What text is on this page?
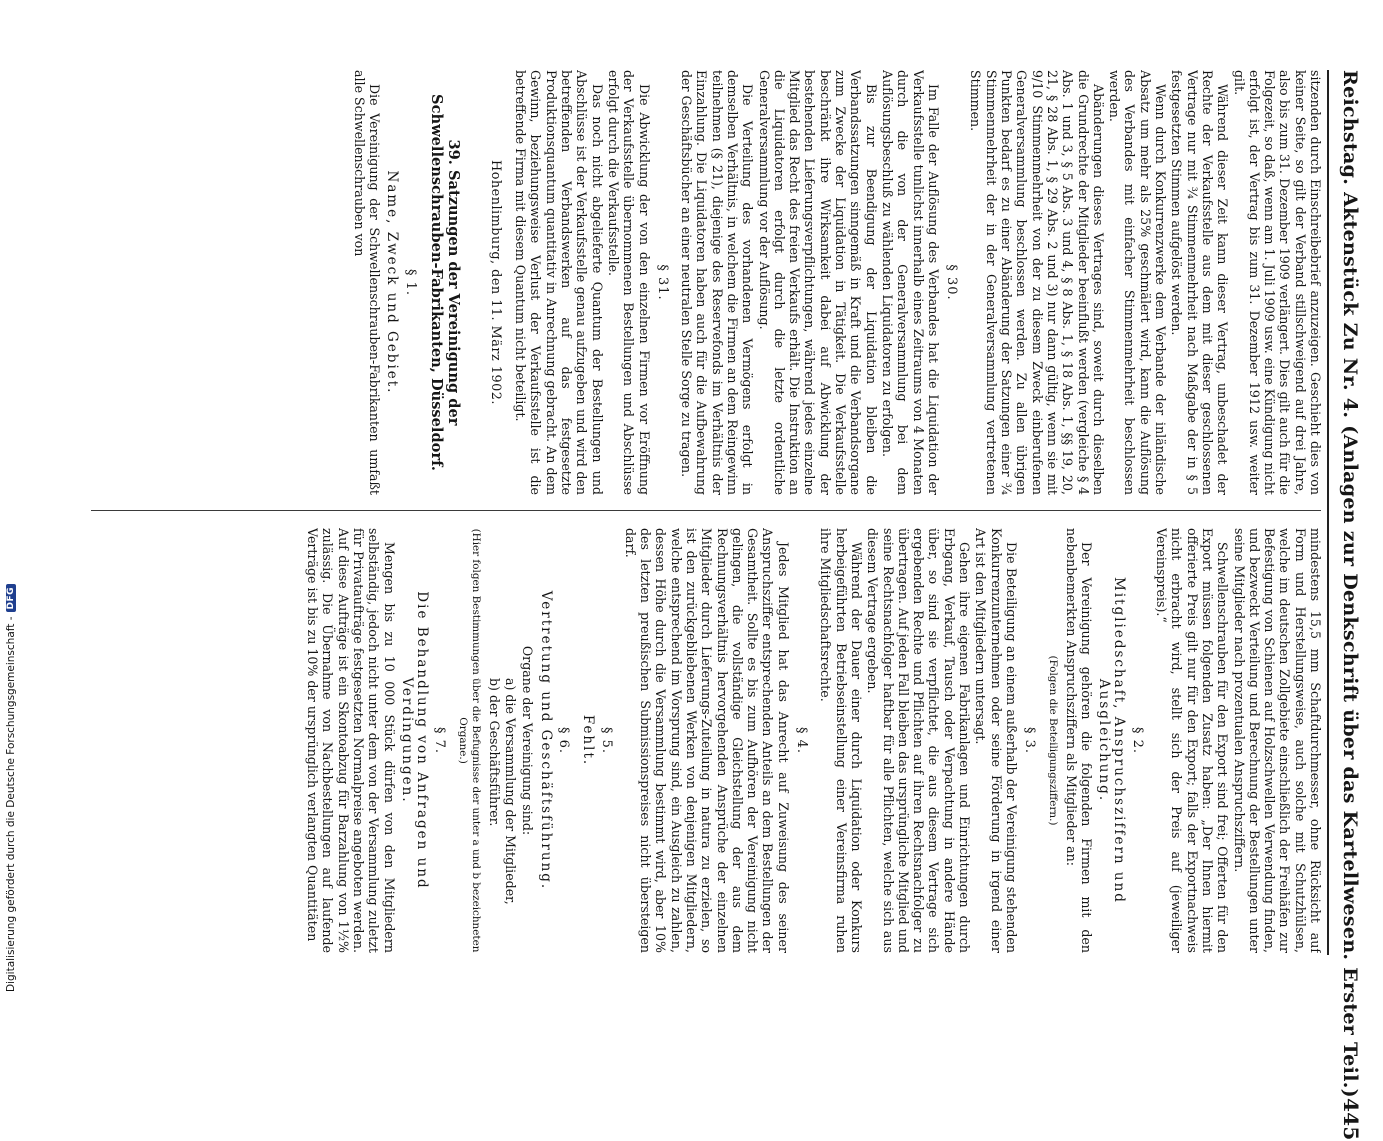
Reichstag. Aktenstück Zu Nr. 4. (Anlagen zur Denkschrift über das Kartellwesen. Erster Teil.)
445

sitzenden durch Einschreibebrief anzuzeigen. Geschieht dies von keiner Seite, so gilt der Verband stillschweigend auf drei Jahre, also bis zum 31. Dezember 1909 verlängert. Dies gilt auch für die Folgezeit, so daß, wenn am 1. Juli 1909 usw. eine Kündigung nicht erfolgt ist, der Vertrag bis zum 31. Dezember 1912 usw. weiter gilt.

Während dieser Zeit kann dieser Vertrag, unbeschadet der Rechte der Verkaufsstelle aus dem mit dieser geschlossenen Vertrage nur mit ¾ Stimmenmehrheit nach Maßgabe der in § 5 festgesetzten Stimmen aufgelöst werden.

Wenn durch Konkurrenzwerke dem Verbande der inländische Absatz um mehr als 25% geschmälert wird, kann die Auflösung des Verbandes mit einfacher Stimmenmehrheit beschlossen werden.

Abänderungen dieses Vertrages sind, soweit durch dieselben die Grundrechte der Mitglieder beeinflußt werden (vergleiche § 4 Abs. 1 und 3, § 5 Abs. 3 und 4, § 8 Abs. 1, § 18 Abs. 1, §§ 19, 20, 21, § 28 Abs. 1, § 29 Abs. 2 und 3) nur dann gültig, wenn sie mit 9/10 Stimmenmehrheit von der zu diesem Zweck einberufenen Generalversammlung beschlossen werden. Zu allen übrigen Punkten bedarf es zu einer Abänderung der Satzungen einer ¾ Stimmenmehrheit der in der Generalversammlung vertretenen Stimmen.

§ 30.

Im Falle der Auflösung des Verbandes hat die Liquidation der Verkaufsstelle tunlichst innerhalb eines Zeitraums von 4 Monaten durch die von der Generalversammlung bei dem Auflösungsbeschluß zu wählenden Liquidatoren zu erfolgen.

Bis zur Beendigung der Liquidation bleiben die Verbandssatzungen sinngemäß in Kraft und die Verbandsorgane zum Zwecke der Liquidation in Tätigkeit. Die Verkaufsstelle beschränkt ihre Wirksamkeit dabei auf Abwicklung der bestehenden Lieferungsverpflichtungen, während jedes einzelne Mitglied das Recht des freien Verkaufs erhält. Die Instruktion an die Liquidatoren erfolgt durch die letzte ordentliche Generalversammlung vor der Auflösung.

Die Verteilung des vorhandenen Vermögens erfolgt in demselben Verhältnis, in welchem die Firmen an dem Reingewinn teilnehmen (§ 21), diejenige des Reservefonds im Verhältnis der Einzahlung. Die Liquidatoren haben auch für die Aufbewahrung der Geschäftsbücher an einer neutralen Stelle Sorge zu tragen.

§ 31.

Die Abwicklung der von den einzelnen Firmen vor Eröffnung der Verkaufsstelle übernommenen Bestellungen und Abschlüsse erfolgt durch die Verkaufsstelle.

Das noch nicht abgelieferte Quantum der Bestellungen und Abschlüsse ist der Verkaufsstelle genau aufzugeben und wird den betreffenden Verbandswerken auf das festgesetzte Produktionsquantum quantitativ in Anrechnung gebracht. An dem Gewinn, beziehungsweise Verlust der Verkaufsstelle ist die betreffende Firma mit diesem Quantum nicht beteiligt.

Hohenlimburg, den 11. März 1902.
39. Satzungen der Vereinigung der Schwellenschrauben-Fabrikanten, Düsseldorf.
§ 1.
Name, Zweck und Gebiet.

Die Vereinigung der Schwellenschrauben-Fabrikanten umfaßt alle Schwellenschrauben von

mindestens 15,5 mm Schaftdurchmesser, ohne Rücksicht auf Form und Herstellungsweise, auch solche mit Schutzhülsen, welche im deutschen Zollgebiete einschließlich der Freihäfen zur Befestigung von Schienen auf Holzschwellen Verwendung finden, und bezweckt Verteilung und Berechnung der Bestellungen unter seine Mitglieder nach prozentualen Anspruchsziffern.

Schwellenschrauben für den Export sind frei; Offerten für den Export müssen folgenden Zusatz haben: „Der Ihnen hiermit offerierte Preis gilt nur für den Export; falls der Exportnachweis nicht erbracht wird, stellt sich der Preis auf (jeweiliger Vereinspreis).“

§ 2.
Mitgliedschaft, Anspruchsziffern und Ausgleichung.

Der Vereinigung gehören die folgenden Firmen mit den nebenbemerkten Anspruchsziffern als Mitglieder an:

(Folgen die Beteiligungsziffern.)
§ 3.

Die Beteiligung an einem außerhalb der Vereinigung stehenden Konkurrenzunternehmen oder seine Förderung in irgend einer Art ist den Mitgliedern untersagt.

Gehen ihre eigenen Fabrikanlagen und Einrichtungen durch Erbgang, Verkauf, Tausch oder Verpachtung in andere Hände über, so sind sie verpflichtet, die aus diesem Vertrage sich ergebenden Rechte und Pflichten auf ihren Rechtsnachfolger zu übertragen. Auf jeden Fall bleiben das ursprüngliche Mitglied und seine Rechtsnachfolger haftbar für alle Pflichten, welche sich aus diesem Vertrage ergeben.

Während der Dauer einer durch Liquidation oder Konkurs herbeigeführten Betriebseinstellung einer Vereinsfirma ruhen ihre Mitgliedschaftsrechte.

§ 4.

Jedes Mitglied hat das Anrecht auf Zuweisung des seiner Anspruchsziffer entsprechenden Anteils an dem Bestellungen der Gesamtheit. Sollte es bis zum Aufhören der Vereinigung nicht gelingen, die vollständige Gleichstellung der aus dem Rechnungsverhältnis hervorgehenden Ansprüche der einzelnen Mitglieder durch Lieferungs-Zuteilung in natura zu erzielen, so ist den zurückgebliebenen Werken von denjenigen Mitgliedern, welche entsprechend im Vorsprung sind, ein Ausgleich zu zahlen, dessen Höhe durch die Versammlung bestimmt wird, aber 10% des letzten preußischen Submissionspreises nicht übersteigen darf.

§ 5.
Fehlt.
§ 6.
Vertretung und Geschäftsführung.

Organe der Vereinigung sind:

a) die Versammlung der Mitglieder,
b) der Geschäftsführer.
(Hier folgen Bestimmungen über die Befugnisse der unter a und b bezeichneten Organe.)
§ 7.
Die Behandlung von Anfragen und Verdingungen.

Mengen bis zu 10 000 Stück dürfen von den Mitgliedern selbständig, jedoch nicht unter dem von der Versammlung zuletzt für Privataufträge festgesetzten Normalpreise angeboten werden. Auf diese Aufträge ist ein Skontoabzug für Barzahlung von 1½% zulässig. Die Übernahme von Nachbestellungen auf laufende Verträge ist bis zu 10% der ursprünglich verlangten Quantitäten

Digitalisierung gefördert durch die Deutsche Forschungsgemeinschaft -
DFG
